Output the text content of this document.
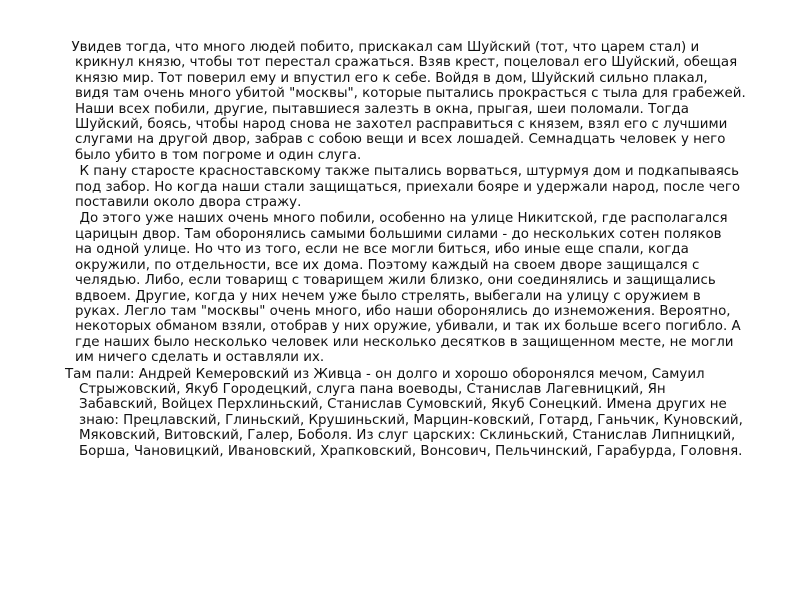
Увидев тогда, что много людей побито, прискакал сам Шуйский (тот, что царем стал) и
крикнул князю, чтобы тот перестал сражаться. Взяв крест, поцеловал его Шуйский, обещая
князю мир. Тот поверил ему и впустил его к себе. Войдя в дом, Шуйский сильно плакал,
видя там очень много убитой "москвы", которые пытались прокрасться с тыла для грабежей.
Наши всех побили, другие, пытавшиеся залезть в окна, прыгая, шеи поломали. Тогда
Шуйский, боясь, чтобы народ снова не захотел расправиться с князем, взял его с лучшими
слугами на другой двор, забрав с собою вещи и всех лошадей. Семнадцать человек у него
было убито в том погроме и один слуга.
К пану старосте красноставскому также пытались ворваться, штурмуя дом и подкапываясь
под забор. Но когда наши стали защищаться, приехали бояре и удержали народ, после чего
поставили около двора стражу.
До этого уже наших очень много побили, особенно на улице Никитской, где располагался
царицын двор. Там оборонялись самыми большими силами - до нескольких сотен поляков
на одной улице. Но что из того, если не все могли биться, ибо иные еще спали, когда
окружили, по отдельности, все их дома. Поэтому каждый на своем дворе защищался с
челядью. Либо, если товарищ с товарищем жили близко, они соединялись и защищались
вдвоем. Другие, когда у них нечем уже было стрелять, выбегали на улицу с оружием в
руках. Легло там "москвы" очень много, ибо наши оборонялись до изнеможения. Вероятно,
некоторых обманом взяли, отобрав у них оружие, убивали, и так их больше всего погибло. А
где наших было несколько человек или несколько десятков в защищенном месте, не могли
им ничего сделать и оставляли их.
Там пали: Андрей Кемеровский из Живца - он долго и хорошо оборонялся мечом, Самуил
Стрыжовский, Якуб Городецкий, слуга пана воеводы, Станислав Лагевницкий, Ян
Забавский, Войцех Перхлиньский, Станислав Сумовский, Якуб Сонецкий. Имена других не
знаю: Прецлавский, Глиньский, Крушиньский, Марцин-ковский, Готард, Ганьчик, Куновский,
Мяковский, Витовский, Галер, Боболя. Из слуг царских: Склиньский, Станислав Липницкий,
Борша, Чановицкий, Ивановский, Храпковский, Вонсович, Пельчинский, Гарабурда, Головня.
